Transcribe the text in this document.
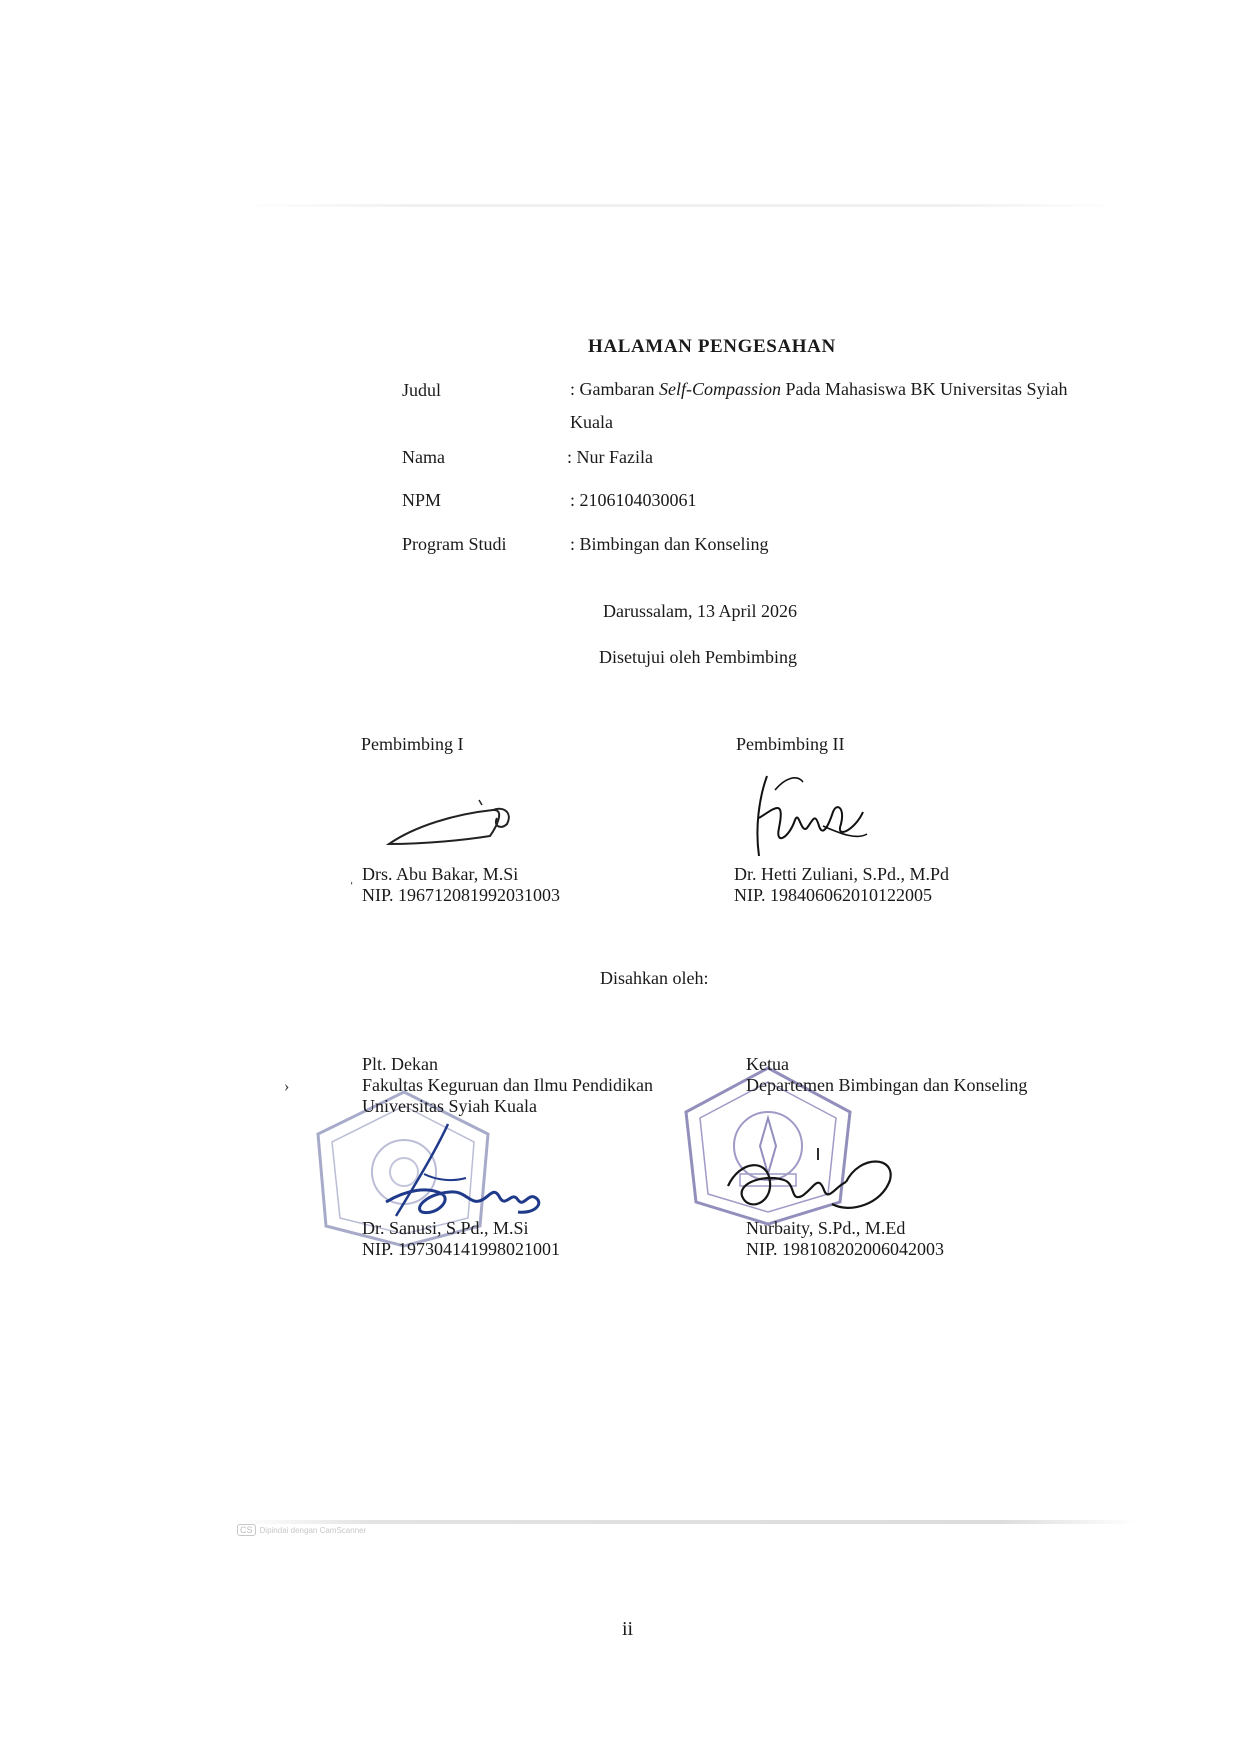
HALAMAN PENGESAHAN
Judul	: Gambaran Self-Compassion Pada Mahasiswa BK Universitas Syiah Kuala
Nama	: Nur Fazila
NPM	: 2106104030061
Program Studi	: Bimbingan dan Konseling
Darussalam, 13 April 2026
Disetujui oleh Pembimbing
Pembimbing I
ˌ Drs. Abu Bakar, M.Si
NIP. 196712081992031003
Pembimbing II
Dr. Hetti Zuliani, S.Pd., M.Pd
NIP. 198406062010122005
Disahkan oleh:
Plt. Dekan
Fakultas Keguruan dan Ilmu Pendidikan
Universitas Syiah Kuala
›
Dr. Sanusi, S.Pd., M.Si
NIP. 197304141998021001
Ketua
Departemen Bimbingan dan Konseling
Nurbaity, S.Pd., M.Ed
NIP. 198108202006042003
CS Dipindai dengan CamScanner
ii
